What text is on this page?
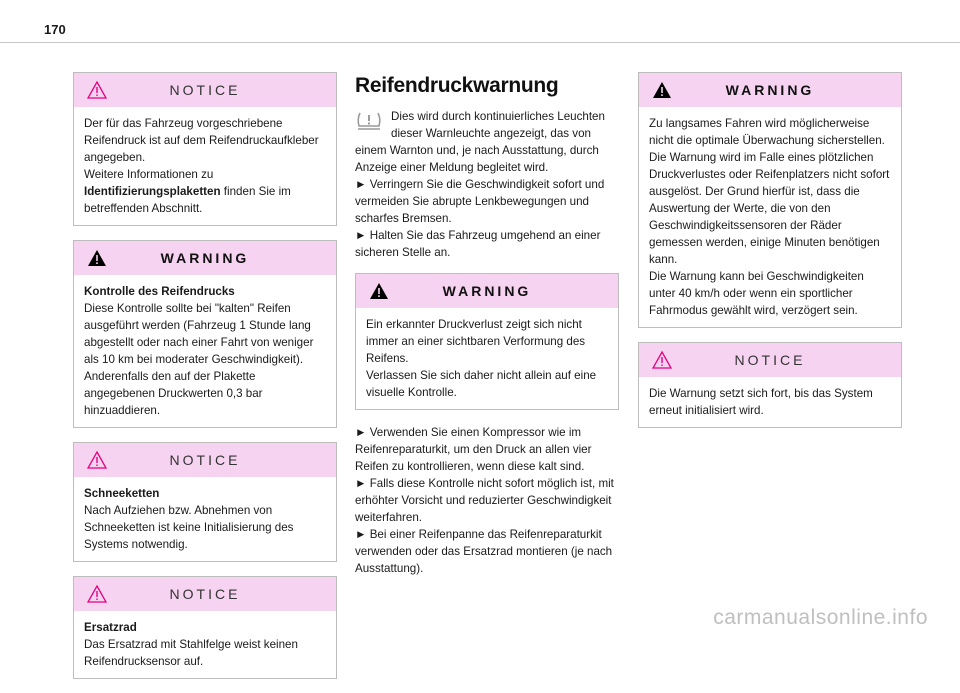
170
NOTICE

Der für das Fahrzeug vorgeschriebene Reifendruck ist auf dem Reifendruckaufkleber angegeben.

Weitere Informationen zu Identifizierungsplaketten finden Sie im betreffenden Abschnitt.

WARNING

Kontrolle des Reifendrucks

Diese Kontrolle sollte bei "kalten" Reifen ausgeführt werden (Fahrzeug 1 Stunde lang abgestellt oder nach einer Fahrt von weniger als 10 km bei moderater Geschwindigkeit).

Anderenfalls den auf der Plakette angegebenen Druckwerten 0,3 bar hinzuaddieren.

NOTICE

Schneeketten

Nach Aufziehen bzw. Abnehmen von Schneeketten ist keine Initialisierung des Systems notwendig.

NOTICE

Ersatzrad

Das Ersatzrad mit Stahlfelge weist keinen Reifendrucksensor auf.

Reifendruckwarnung

Dies wird durch kontinuierliches Leuchten dieser Warnleuchte angezeigt, das von einem Warnton und, je nach Ausstattung, durch Anzeige einer Meldung begleitet wird.

► Verringern Sie die Geschwindigkeit sofort und vermeiden Sie abrupte Lenkbewegungen und scharfes Bremsen.

► Halten Sie das Fahrzeug umgehend an einer sicheren Stelle an.

WARNING

Ein erkannter Druckverlust zeigt sich nicht immer an einer sichtbaren Verformung des Reifens.

Verlassen Sie sich daher nicht allein auf eine visuelle Kontrolle.

► Verwenden Sie einen Kompressor wie im Reifenreparaturkit, um den Druck an allen vier Reifen zu kontrollieren, wenn diese kalt sind.

► Falls diese Kontrolle nicht sofort möglich ist, mit erhöhter Vorsicht und reduzierter Geschwindigkeit weiterfahren.

► Bei einer Reifenpanne das Reifenreparaturkit verwenden oder das Ersatzrad montieren (je nach Ausstattung).

WARNING

Zu langsames Fahren wird möglicherweise nicht die optimale Überwachung sicherstellen.

Die Warnung wird im Falle eines plötzlichen Druckverlustes oder Reifenplatzers nicht sofort ausgelöst. Der Grund hierfür ist, dass die Auswertung der Werte, die von den Geschwindigkeitssensoren der Räder gemessen werden, einige Minuten benötigen kann.

Die Warnung kann bei Geschwindigkeiten unter 40 km/h oder wenn ein sportlicher Fahrmodus gewählt wird, verzögert sein.

NOTICE

Die Warnung setzt sich fort, bis das System erneut initialisiert wird.

carmanualsonline.info
